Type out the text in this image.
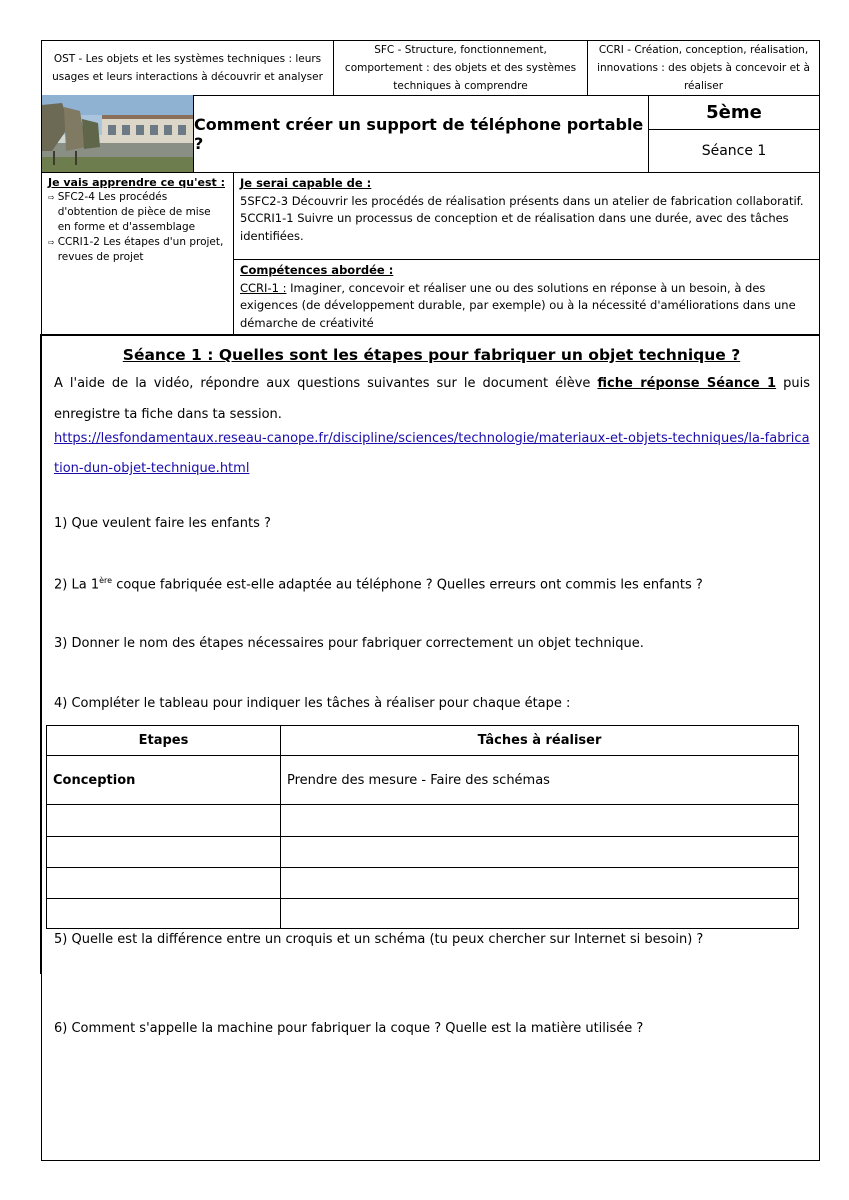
OST - Les objets et les systèmes techniques : leurs usages et leurs interactions à découvrir et analyser
SFC - Structure, fonctionnement, comportement : des objets et des systèmes techniques à comprendre
CCRI - Création, conception, réalisation, innovations : des objets à concevoir et à réaliser
Comment créer un support de téléphone portable ?
5ème
Séance 1
Je vais apprendre ce qu'est :
⇨ SFC2-4 Les procédés d'obtention de pièce de mise en forme et d'assemblage
⇨ CCRI1-2 Les étapes d'un projet, revues de projet
Je serai capable de :
5SFC2-3 Découvrir les procédés de réalisation présents dans un atelier de fabrication collaboratif.
5CCRI1-1 Suivre un processus de conception et de réalisation dans une durée, avec des tâches identifiées.
Compétences abordée :
CCRI-1 : Imaginer, concevoir et réaliser une ou des solutions en réponse à un besoin, à des exigences (de développement durable, par exemple) ou à la nécessité d'améliorations dans une démarche de créativité
Séance 1 : Quelles sont les étapes pour fabriquer un objet technique ?
A l'aide de la vidéo, répondre aux questions suivantes sur le document élève fiche réponse Séance 1 puis enregistre ta fiche dans ta session.
https://lesfondamentaux.reseau-canope.fr/discipline/sciences/technologie/materiaux-et-objets-techniques/la-fabrication-dun-objet-technique.html
1) Que veulent faire les enfants ?
2) La 1ère coque fabriquée est-elle adaptée au téléphone ? Quelles erreurs ont commis les enfants ?
3) Donner le nom des étapes nécessaires pour fabriquer correctement un objet technique.
4) Compléter le tableau pour indiquer les tâches à réaliser pour chaque étape :
Etapes	Tâches à réaliser
Conception	Prendre des mesure - Faire des schémas

5) Quelle est la différence entre un croquis et un schéma (tu peux chercher sur Internet si besoin) ?
6) Comment s'appelle la machine pour fabriquer la coque ? Quelle est la matière utilisée ?
